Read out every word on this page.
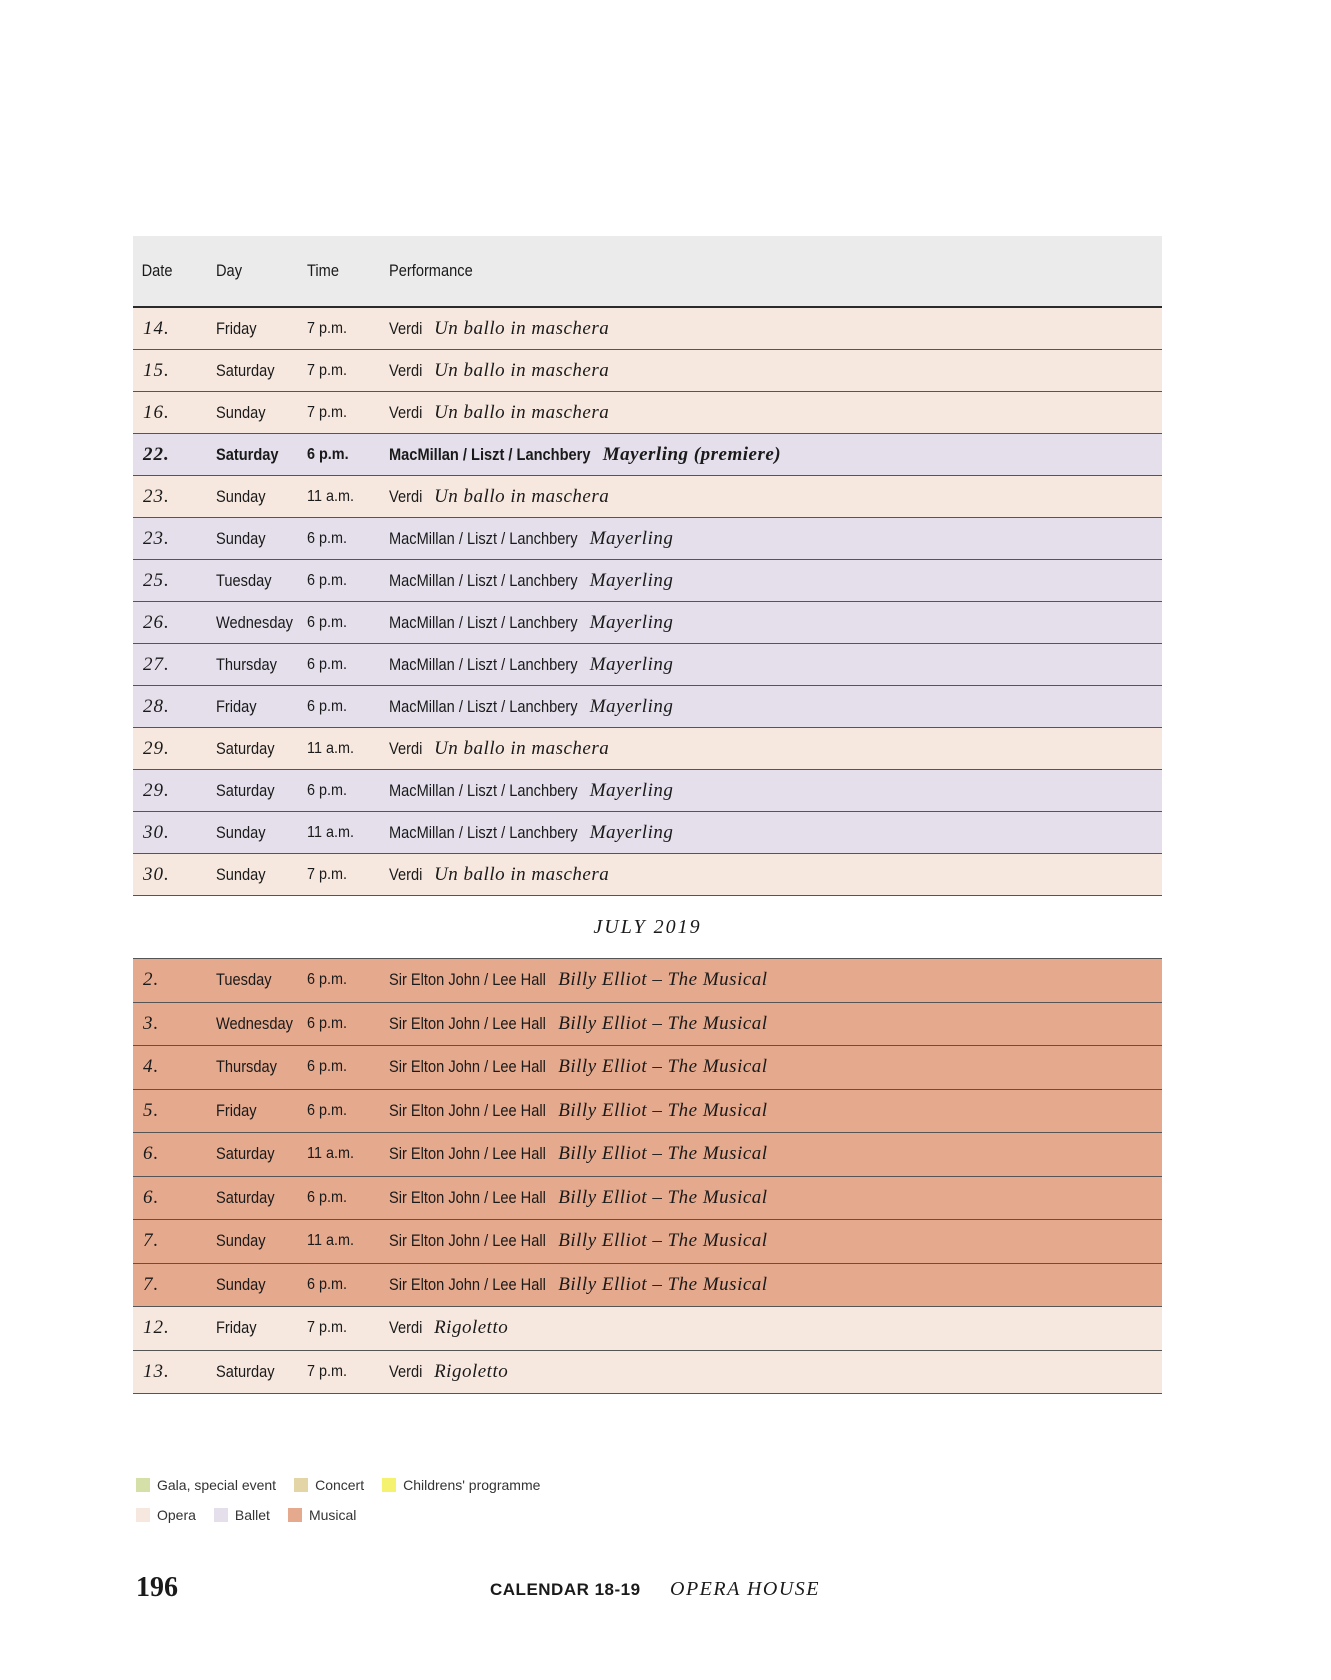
Date	Day	Time	Performance
14.	Friday	7 p.m.	Verdi Un ballo in maschera
15.	Saturday	7 p.m.	Verdi Un ballo in maschera
16.	Sunday	7 p.m.	Verdi Un ballo in maschera
22.	Saturday	6 p.m.	MacMillan / Liszt / Lanchbery Mayerling (premiere)
23.	Sunday	11 a.m.	Verdi Un ballo in maschera
23.	Sunday	6 p.m.	MacMillan / Liszt / Lanchbery Mayerling
25.	Tuesday	6 p.m.	MacMillan / Liszt / Lanchbery Mayerling
26.	Wednesday 6 p.m.	MacMillan / Liszt / Lanchbery Mayerling
27.	Thursday	6 p.m.	MacMillan / Liszt / Lanchbery Mayerling
28.	Friday	6 p.m.	MacMillan / Liszt / Lanchbery Mayerling
29.	Saturday	11 a.m.	Verdi Un ballo in maschera
29.	Saturday	6 p.m.	MacMillan / Liszt / Lanchbery Mayerling
30.	Sunday	11 a.m.	MacMillan / Liszt / Lanchbery Mayerling
30.	Sunday	7 p.m.	Verdi Un ballo in maschera
JULY 2019
2.	Tuesday	6 p.m.	Sir Elton John / Lee Hall Billy Elliot – The Musical
3.	Wednesday 6 p.m.	Sir Elton John / Lee Hall Billy Elliot – The Musical
4.	Thursday	6 p.m.	Sir Elton John / Lee Hall Billy Elliot – The Musical
5.	Friday	6 p.m.	Sir Elton John / Lee Hall Billy Elliot – The Musical
6.	Saturday	11 a.m.	Sir Elton John / Lee Hall Billy Elliot – The Musical
6.	Saturday	6 p.m.	Sir Elton John / Lee Hall Billy Elliot – The Musical
7.	Sunday	11 a.m.	Sir Elton John / Lee Hall Billy Elliot – The Musical
7.	Sunday	6 p.m.	Sir Elton John / Lee Hall Billy Elliot – The Musical
12.	Friday	7 p.m.	Verdi Rigoletto
13.	Saturday	7 p.m.	Verdi Rigoletto
Gala, special event	Concert	Childrens' programme
Opera	Ballet	Musical
196	CALENDAR 18-19 OPERA HOUSE
